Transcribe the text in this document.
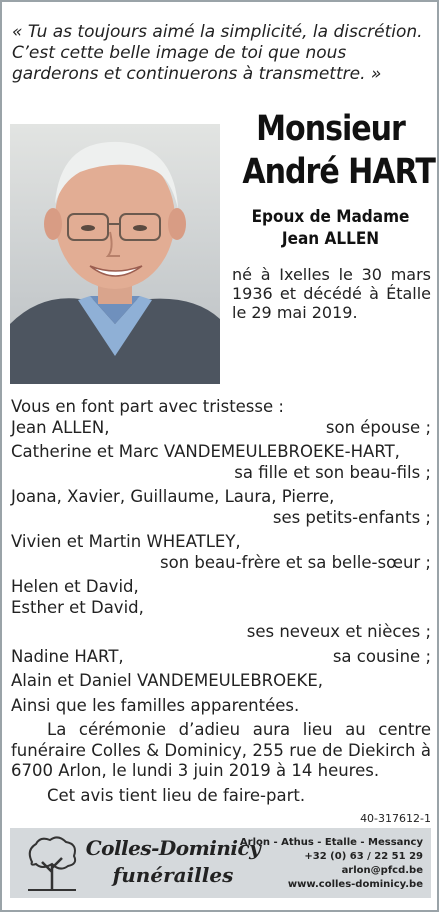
« Tu as toujours aimé la simplicité, la discrétion. C’est cette belle image de toi que nous garderons et continuerons à transmettre. »

Monsieur
André HART
Epoux de Madame
Jean ALLEN

né à Ixelles le 30 mars 1936 et décédé à Étalle le 29 mai 2019.

Vous en font part avec tristesse :
Jean ALLEN,	son épouse ;
Catherine et Marc VANDEMEULEBROEKE-HART,
sa fille et son beau-fils ;
Joana, Xavier, Guillaume, Laura, Pierre,
ses petits-enfants ;
Vivien et Martin WHEATLEY,
son beau-frère et sa belle-sœur ;
Helen et David,
Esther et David,
ses neveux et nièces ;
Nadine HART,	sa cousine ;
Alain et Daniel VANDEMEULEBROEKE,
Ainsi que les familles apparentées.

La cérémonie d’adieu aura lieu au centre funéraire Colles & Dominicy, 255 rue de Diekirch à 6700 Arlon, le lundi 3 juin 2019 à 14 heures.

Cet avis tient lieu de faire-part.

40-317612-1
Colles-Dominicy
funérailles
Arlon - Athus - Etalle - Messancy
+32 (0) 63 / 22 51 29
arlon@pfcd.be
www.colles-dominicy.be
